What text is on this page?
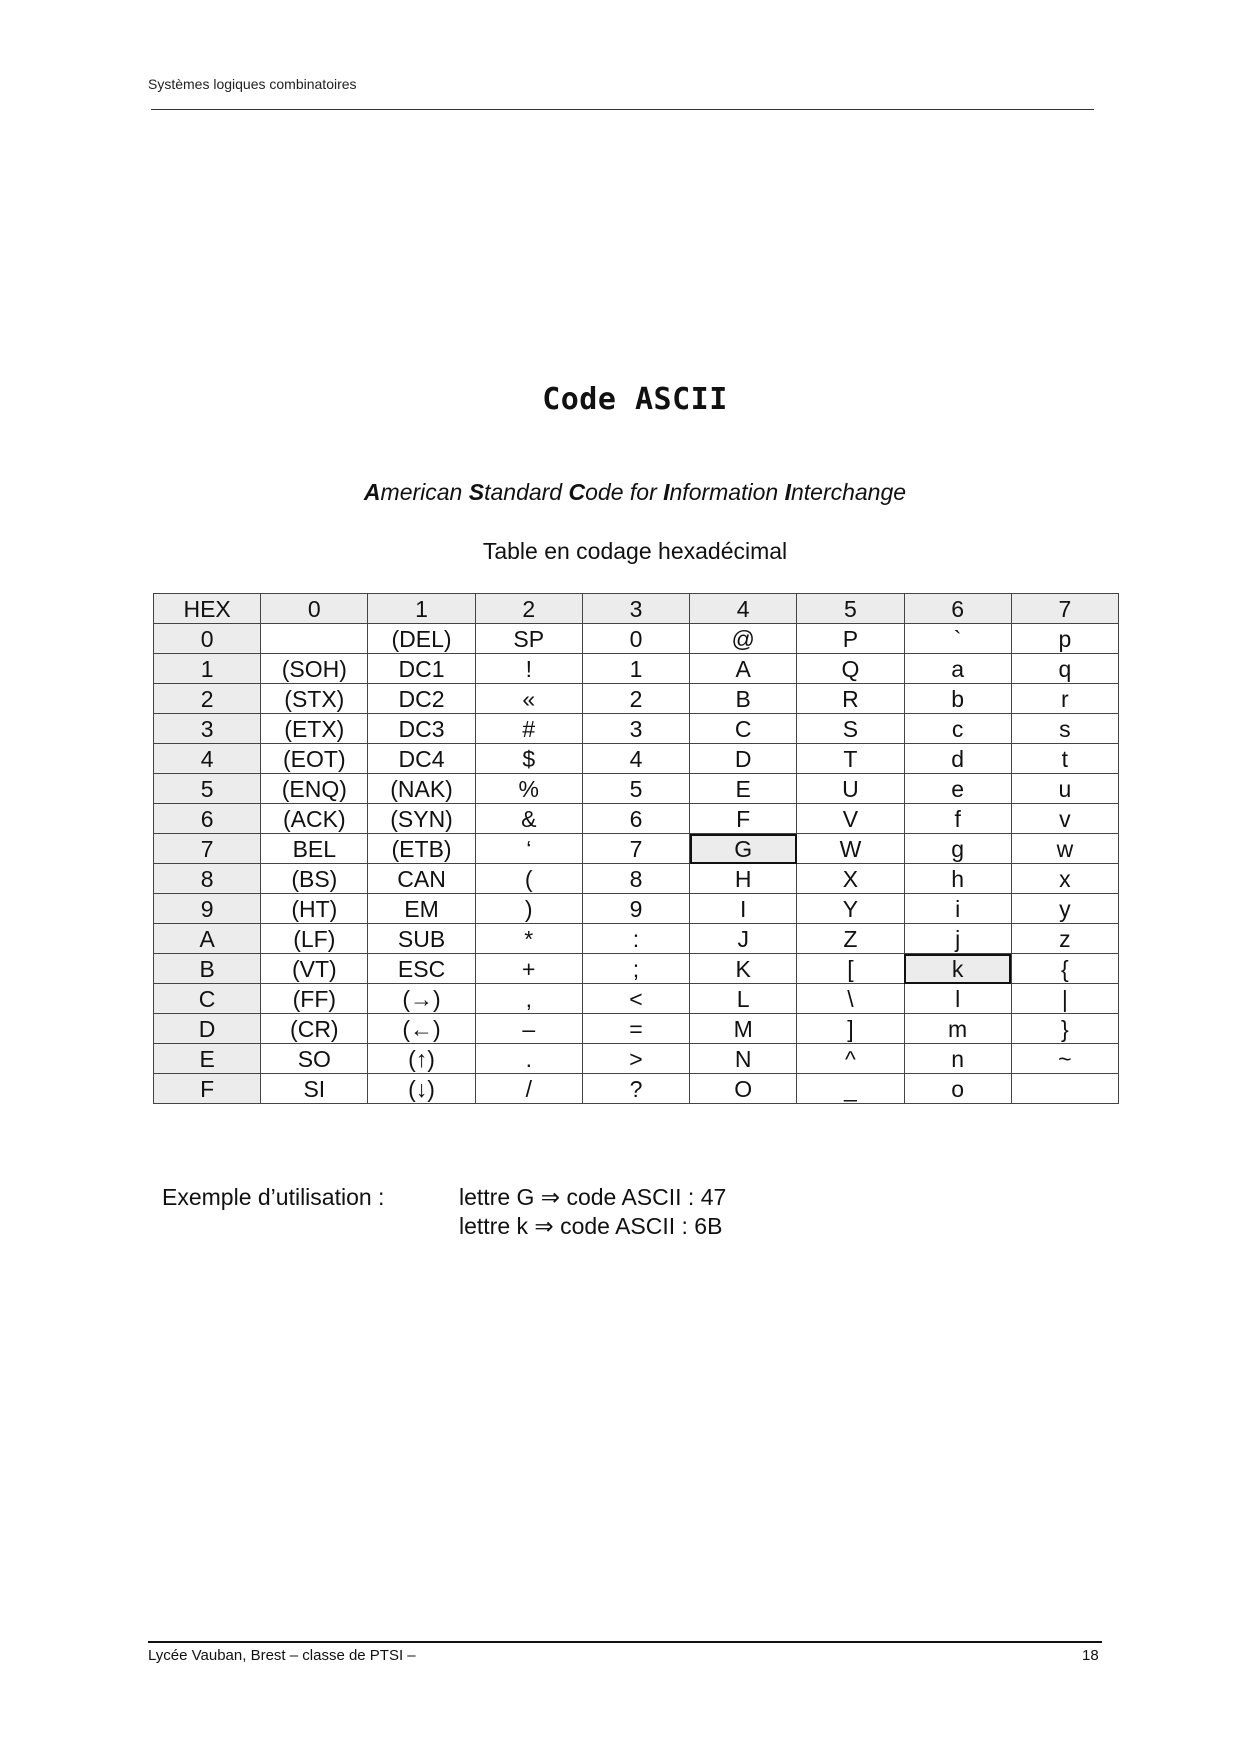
Systèmes logiques combinatoires
Code ASCII
American Standard Code for Information Interchange
Table en codage hexadécimal
HEX	0	1	2	3	4	5	6	7
0		(DEL)	SP	0	@	P	`	p
1	(SOH)	DC1	!	1	A	Q	a	q
2	(STX)	DC2	«	2	B	R	b	r
3	(ETX)	DC3	#	3	C	S	c	s
4	(EOT)	DC4	$	4	D	T	d	t
5	(ENQ)	(NAK)	%	5	E	U	e	u
6	(ACK)	(SYN)	&	6	F	V	f	v
7	BEL	(ETB)	‘	7	G	W	g	w
8	(BS)	CAN	(	8	H	X	h	x
9	(HT)	EM	)	9	I	Y	i	y
A	(LF)	SUB	*	:	J	Z	j	z
B	(VT)	ESC	+	;	K	[	k	{
C	(FF)	(→)	,	<	L	\	l	|
D	(CR)	(←)	–	=	M	]	m	}
E	SO	(↑)	.	>	N	^	n	~
F	SI	(↓)	/	?	O	_	o	
Exemple d’utilisation :	lettre G ⇒ code ASCII : 47
lettre k ⇒ code ASCII : 6B
Lycée Vauban, Brest – classe de PTSI –	18
